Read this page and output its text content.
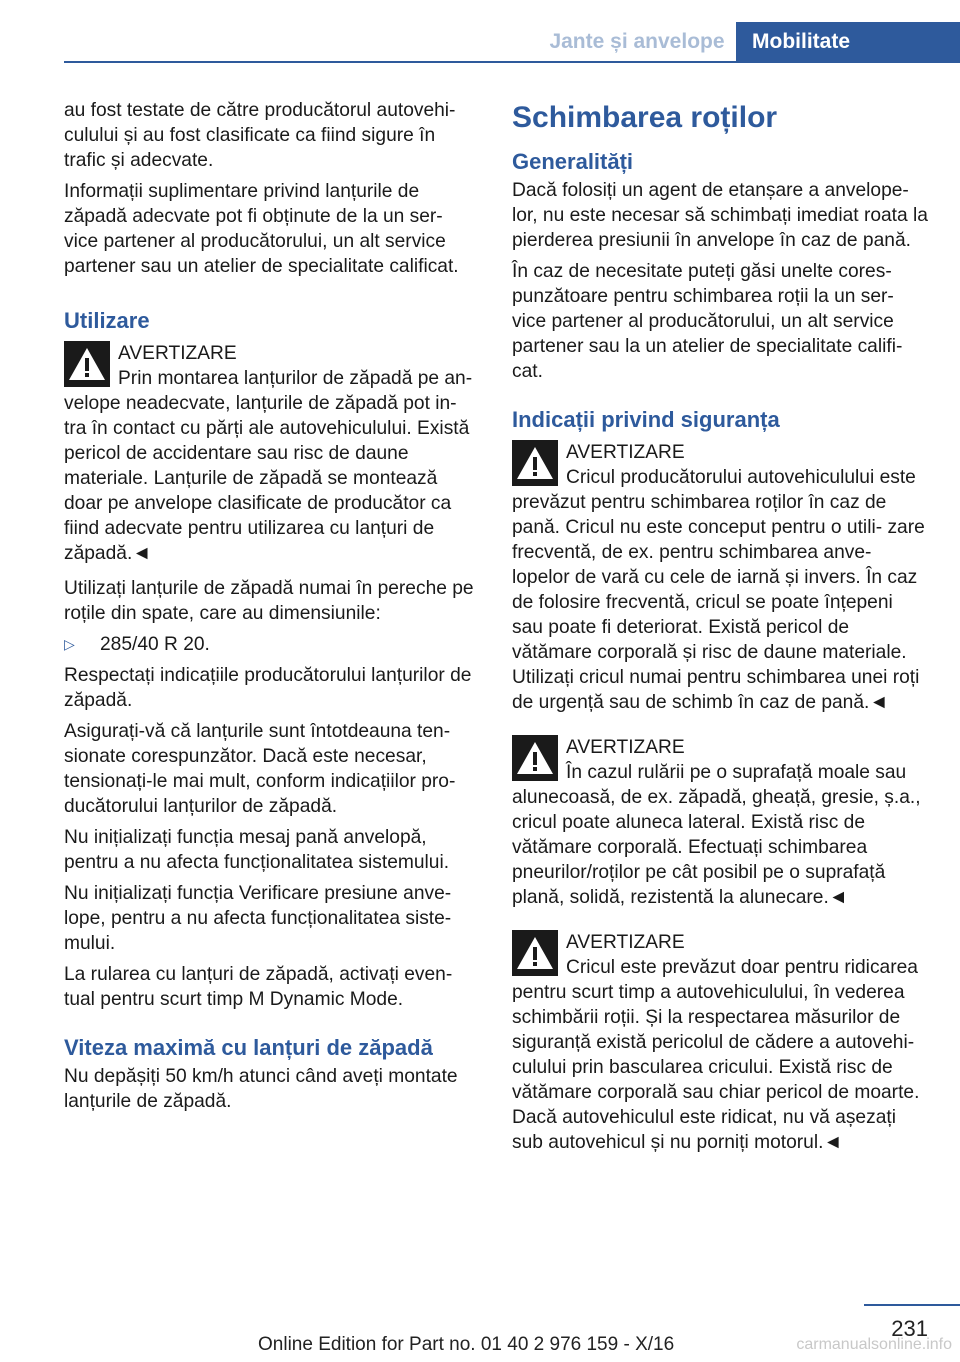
Jante și anvelope	Mobilitate

au fost testate de către producătorul autovehi‐ culului și au fost clasificate ca fiind sigure în trafic și adecvate.

Informații suplimentare privind lanțurile de zăpadă adecvate pot fi obținute de la un ser‐ vice partener al producătorului, un alt service partener sau un atelier de specialitate calificat.

Utilizare
AVERTIZARE
Prin montarea lanțurilor de zăpadă pe an‐ velope neadecvate, lanțurile de zăpadă pot in‐ tra în contact cu părți ale autovehiculului. Există pericol de accidentare sau risc de daune materiale. Lanțurile de zăpadă se montează doar pe anvelope clasificate de producător ca fiind adecvate pentru utilizarea cu lanțuri de zăpadă.◄

Utilizați lanțurile de zăpadă numai în pereche pe roțile din spate, care au dimensiunile:

▷	285/40 R 20.

Respectați indicațiile producătorului lanțurilor de zăpadă.

Asigurați-vă că lanțurile sunt întotdeauna ten‐ sionate corespunzător. Dacă este necesar, tensionați-le mai mult, conform indicațiilor pro‐ ducătorului lanțurilor de zăpadă.

Nu inițializați funcția mesaj pană anvelopă, pentru a nu afecta funcționalitatea sistemului.

Nu inițializați funcția Verificare presiune anve‐ lope, pentru a nu afecta funcționalitatea siste‐ mului.

La rularea cu lanțuri de zăpadă, activați even‐ tual pentru scurt timp M Dynamic Mode.

Viteza maximă cu lanțuri de zăpadă

Nu depășiți 50 km/h atunci când aveți montate lanțurile de zăpadă.

Schimbarea roților
Generalități

Dacă folosiți un agent de etanșare a anvelope‐ lor, nu este necesar să schimbați imediat roata la pierderea presiunii în anvelope în caz de pană.

În caz de necesitate puteți găsi unelte cores‐ punzătoare pentru schimbarea roții la un ser‐ vice partener al producătorului, un alt service partener sau la un atelier de specialitate califi‐ cat.

Indicații privind siguranța
AVERTIZARE
Cricul producătorului autovehiculului este prevăzut pentru schimbarea roților în caz de pană. Cricul nu este conceput pentru o utili‐ zare frecventă, de ex. pentru schimbarea anve‐ lopelor de vară cu cele de iarnă și invers. În caz de folosire frecventă, cricul se poate înțepeni sau poate fi deteriorat. Există pericol de vătămare corporală și risc de daune materiale. Utilizați cricul numai pentru schimbarea unei roți de urgență sau de schimb în caz de pană.◄
AVERTIZARE
În cazul rulării pe o suprafață moale sau alunecoasă, de ex. zăpadă, gheață, gresie, ș.a., cricul poate aluneca lateral. Există risc de vătămare corporală. Efectuați schimbarea pneurilor/roților pe cât posibil pe o suprafață plană, solidă, rezistentă la alunecare.◄
AVERTIZARE
Cricul este prevăzut doar pentru ridicarea pentru scurt timp a autovehiculului, în vederea schimbării roții. Și la respectarea măsurilor de siguranță există pericolul de cădere a autovehi‐ culului prin bascularea cricului. Există risc de vătămare corporală sau chiar pericol de moarte. Dacă autovehiculul este ridicat, nu vă așezați sub autovehicul și nu porniți motorul.◄
231
Online Edition for Part no. 01 40 2 976 159 - X/16	carmanualsonline.info
